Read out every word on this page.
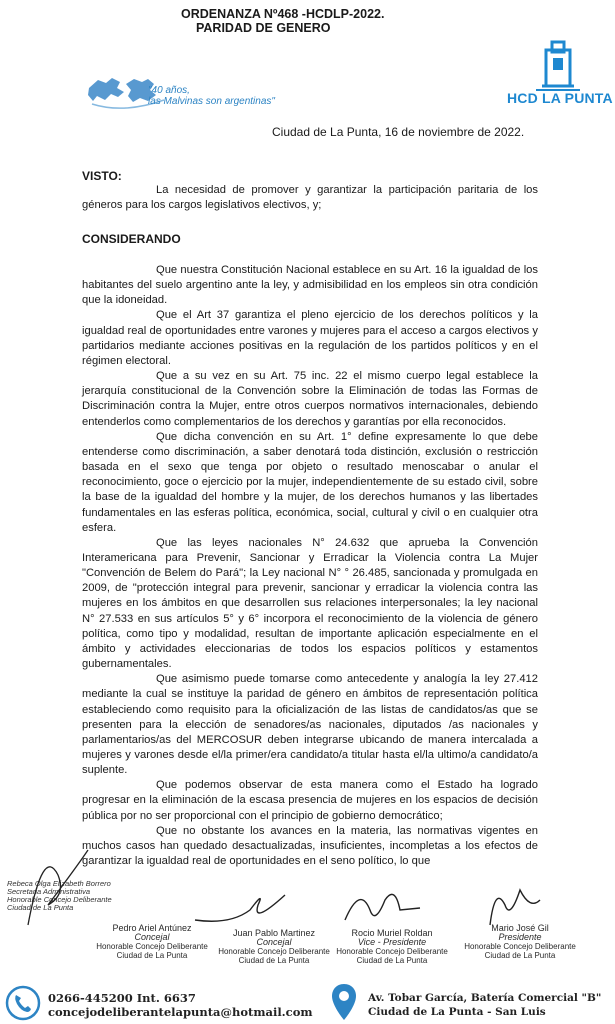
ORDENANZA Nº468 -HCDLP-2022.
PARIDAD DE GENERO
"40 años,
las Malvinas son argentinas"	HCD LA PUNTA
Ciudad de La Punta, 16 de noviembre de 2022.
VISTO:

La necesidad de promover y garantizar la participación paritaria de los géneros para los cargos legislativos electivos, y;

CONSIDERANDO

Que nuestra Constitución Nacional establece en su Art. 16 la igualdad de los habitantes del suelo argentino ante la ley, y admisibilidad en los empleos sin otra condición que la idoneidad.

Que el Art 37 garantiza el pleno ejercicio de los derechos políticos y la igualdad real de oportunidades entre varones y mujeres para el acceso a cargos electivos y partidarios mediante acciones positivas en la regulación de los partidos políticos y en el régimen electoral.

Que a su vez en su Art. 75 inc. 22 el mismo cuerpo legal establece la jerarquía constitucional de la Convención sobre la Eliminación de todas las Formas de Discriminación contra la Mujer, entre otros cuerpos normativos internacionales, debiendo entenderlos como complementarios de los derechos y garantías por ella reconocidos.

Que dicha convención en su Art. 1° define expresamente lo que debe entenderse como discriminación, a saber denotará toda distinción, exclusión o restricción basada en el sexo que tenga por objeto o resultado menoscabar o anular el reconocimiento, goce o ejercicio por la mujer, independientemente de su estado civil, sobre la base de la igualdad del hombre y la mujer, de los derechos humanos y las libertades fundamentales en las esferas política, económica, social, cultural y civil o en cualquier otra esfera.

Que las leyes nacionales N° 24.632 que aprueba la Convención Interamericana para Prevenir, Sancionar y Erradicar la Violencia contra La Mujer "Convención de Belem do Pará"; la Ley nacional N° ° 26.485, sancionada y promulgada en 2009, de "protección integral para prevenir, sancionar y erradicar la violencia contra las mujeres en los ámbitos en que desarrollen sus relaciones interpersonales; la ley nacional N° 27.533 en sus artículos 5° y 6° incorpora el reconocimiento de la violencia de género política, como tipo y modalidad, resultan de importante aplicación especialmente en el ámbito y actividades eleccionarias de todos los espacios políticos y estamentos gubernamentales.

Que asimismo puede tomarse como antecedente y analogía la ley 27.412 mediante la cual se instituye la paridad de género en ámbitos de representación política estableciendo como requisito para la oficialización de las listas de candidatos/as que se presenten para la elección de senadores/as nacionales, diputados /as nacionales y parlamentarios/as del MERCOSUR deben integrarse ubicando de manera intercalada a mujeres y varones desde el/la primer/era candidato/a titular hasta el/la ultimo/a candidato/a suplente.

Que podemos observar de esta manera como el Estado ha logrado progresar en la eliminación de la escasa presencia de mujeres en los espacios de decisión pública por no ser proporcional con el principio de gobierno democrático;

Que no obstante los avances en la materia, las normativas vigentes en muchos casos han quedado desactualizadas, insuficientes, incompletas a los efectos de garantizar la igualdad real de oportunidades en el seno político, lo que

Rebeca Olga Elizabeth Borrero
Secretaria Administrativa
Honorable Concejo Deliberante
Ciudad de La Punta
Pedro Ariel Antúnez
Concejal
Honorable Concejo Deliberante
Ciudad de La Punta
Juan Pablo Martinez
Concejal
Honorable Concejo Deliberante
Ciudad de La Punta
Rocio Muriel Roldan
Vice - Presidente
Honorable Concejo Deliberante
Ciudad de La Punta
Mario José Gil
Presidente
Honorable Concejo Deliberante
Ciudad de La Punta
0266-445200 Int. 6637
concejodeliberantelapunta@hotmail.com
Av. Tobar García, Batería Comercial "B"
Ciudad de La Punta - San Luis
